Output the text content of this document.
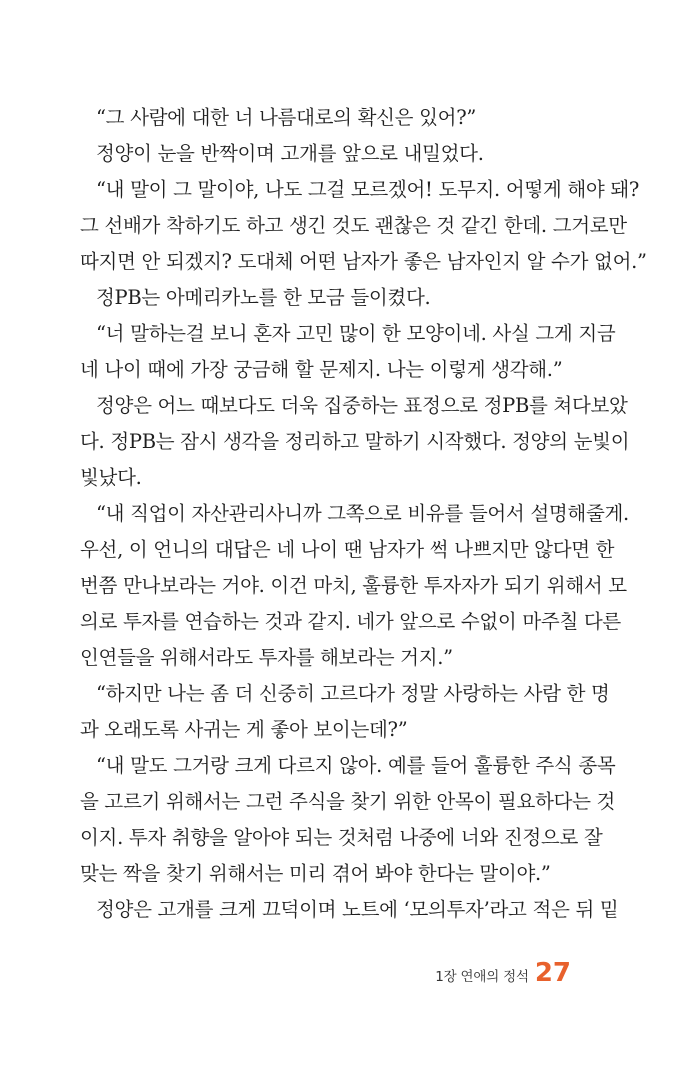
“그 사람에 대한 너 나름대로의 확신은 있어?”
정양이 눈을 반짝이며 고개를 앞으로 내밀었다.
“내 말이 그 말이야, 나도 그걸 모르겠어! 도무지. 어떻게 해야 돼?
그 선배가 착하기도 하고 생긴 것도 괜찮은 것 같긴 한데. 그거로만
따지면 안 되겠지? 도대체 어떤 남자가 좋은 남자인지 알 수가 없어.”
정PB는 아메리카노를 한 모금 들이켰다.
“너 말하는걸 보니 혼자 고민 많이 한 모양이네. 사실 그게 지금
네 나이 때에 가장 궁금해 할 문제지. 나는 이렇게 생각해.”
정양은 어느 때보다도 더욱 집중하는 표정으로 정PB를 쳐다보았
다. 정PB는 잠시 생각을 정리하고 말하기 시작했다. 정양의 눈빛이
빛났다.
“내 직업이 자산관리사니까 그쪽으로 비유를 들어서 설명해줄게.
우선, 이 언니의 대답은 네 나이 땐 남자가 썩 나쁘지만 않다면 한
번쯤 만나보라는 거야. 이건 마치, 훌륭한 투자자가 되기 위해서 모
의로 투자를 연습하는 것과 같지. 네가 앞으로 수없이 마주칠 다른
인연들을 위해서라도 투자를 해보라는 거지.”
“하지만 나는 좀 더 신중히 고르다가 정말 사랑하는 사람 한 명
과 오래도록 사귀는 게 좋아 보이는데?”
“내 말도 그거랑 크게 다르지 않아. 예를 들어 훌륭한 주식 종목
을 고르기 위해서는 그런 주식을 찾기 위한 안목이 필요하다는 것
이지. 투자 취향을 알아야 되는 것처럼 나중에 너와 진정으로 잘
맞는 짝을 찾기 위해서는 미리 겪어 봐야 한다는 말이야.”
정양은 고개를 크게 끄덕이며 노트에 ‘모의투자’라고 적은 뒤 밑
1장 연애의 정석 27
